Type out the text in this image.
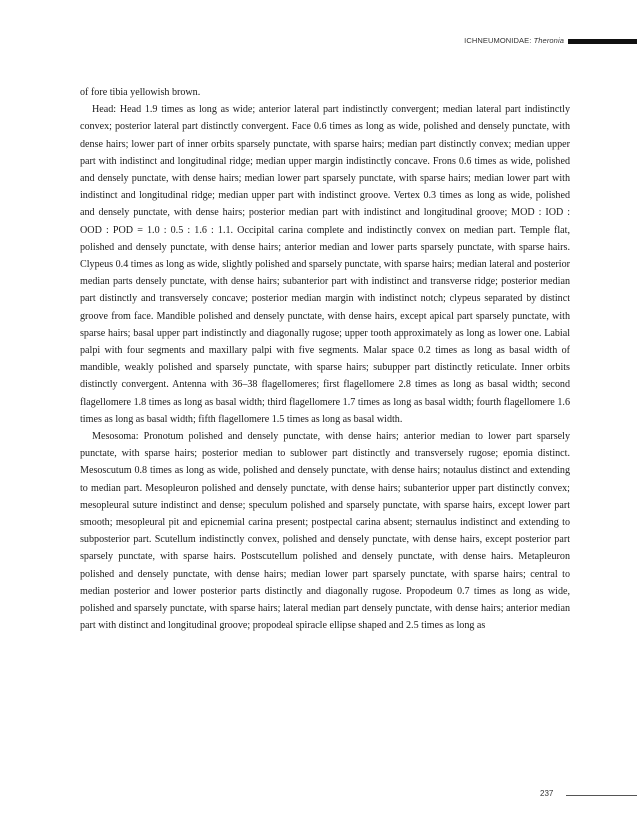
ICHNEUMONIDAE: Theronia

of fore tibia yellowish brown.

Head: Head 1.9 times as long as wide; anterior lateral part indistinctly convergent; median lateral part indistinctly convex; posterior lateral part distinctly convergent. Face 0.6 times as long as wide, polished and densely punctate, with dense hairs; lower part of inner orbits sparsely punctate, with sparse hairs; median part distinctly convex; median upper part with indistinct and longitudinal ridge; median upper margin indistinctly concave. Frons 0.6 times as wide, polished and densely punctate, with dense hairs; median lower part sparsely punctate, with sparse hairs; median lower part with indistinct and longitudinal ridge; median upper part with indistinct groove. Vertex 0.3 times as long as wide, polished and densely punctate, with dense hairs; posterior median part with indistinct and longitudinal groove; MOD : IOD : OOD : POD = 1.0 : 0.5 : 1.6 : 1.1. Occipital carina complete and indistinctly convex on median part. Temple flat, polished and densely punctate, with dense hairs; anterior median and lower parts sparsely punctate, with sparse hairs. Clypeus 0.4 times as long as wide, slightly polished and sparsely punctate, with sparse hairs; median lateral and posterior median parts densely punctate, with dense hairs; subanterior part with indistinct and transverse ridge; posterior median part distinctly and transversely concave; posterior median margin with indistinct notch; clypeus separated by distinct groove from face. Mandible polished and densely punctate, with dense hairs, except apical part sparsely punctate, with sparse hairs; basal upper part indistinctly and diagonally rugose; upper tooth approximately as long as lower one. Labial palpi with four segments and maxillary palpi with five segments. Malar space 0.2 times as long as basal width of mandible, weakly polished and sparsely punctate, with sparse hairs; subupper part distinctly reticulate. Inner orbits distinctly convergent. Antenna with 36–38 flagellomeres; first flagellomere 2.8 times as long as basal width; second flagellomere 1.8 times as long as basal width; third flagellomere 1.7 times as long as basal width; fourth flagellomere 1.6 times as long as basal width; fifth flagellomere 1.5 times as long as basal width.

Mesosoma: Pronotum polished and densely punctate, with dense hairs; anterior median to lower part sparsely punctate, with sparse hairs; posterior median to sublower part distinctly and transversely rugose; epomia distinct. Mesoscutum 0.8 times as long as wide, polished and densely punctate, with dense hairs; notaulus distinct and extending to median part. Mesopleuron polished and densely punctate, with dense hairs; subanterior upper part distinctly convex; mesopleural suture indistinct and dense; speculum polished and sparsely punctate, with sparse hairs, except lower part smooth; mesopleural pit and epicnemial carina present; postpectal carina absent; sternaulus indistinct and extending to subposterior part. Scutellum indistinctly convex, polished and densely punctate, with dense hairs, except posterior part sparsely punctate, with sparse hairs. Postscutellum polished and densely punctate, with dense hairs. Metapleuron polished and densely punctate, with dense hairs; median lower part sparsely punctate, with sparse hairs; central to median posterior and lower posterior parts distinctly and diagonally rugose. Propodeum 0.7 times as long as wide, polished and sparsely punctate, with sparse hairs; lateral median part densely punctate, with dense hairs; anterior median part with distinct and longitudinal groove; propodeal spiracle ellipse shaped and 2.5 times as long as

237
